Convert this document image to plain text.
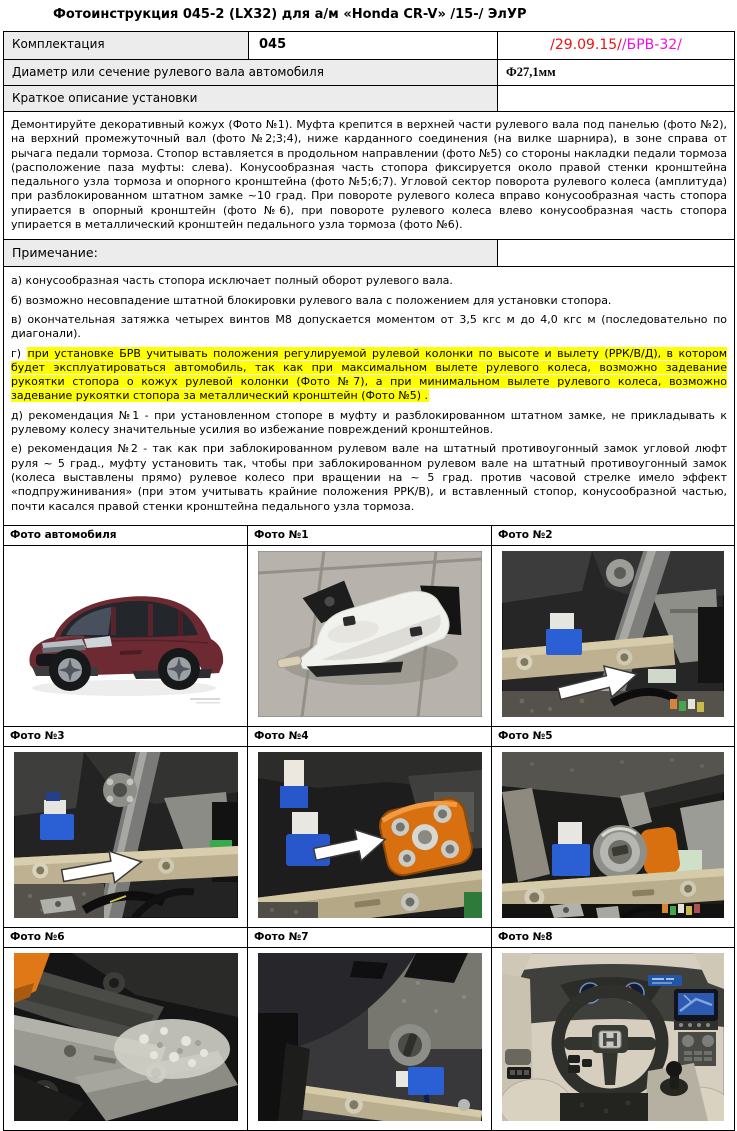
Фотоинструкция 045-2 (LX32) для а/м «Honda CR-V» /15-/ ЭлУР
Комплектация	045	/29.09.15//БРВ-32/
Диаметр или сечение рулевого вала автомобиля		Ф27,1мм
Краткое описание установки		
Демонтируйте декоративный кожух (Фото №1). Муфта крепится в верхней части рулевого вала под панелью (фото №2), на верхний промежуточный вал (фото №2;3;4), ниже карданного соединения (на вилке шарнира), в зоне справа от рычага педали тормоза. Стопор вставляется в продольном направлении (фото №5) со стороны накладки педали тормоза (расположение паза муфты: слева). Конусообразная часть стопора фиксируется около правой стенки кронштейна педального узла тормоза и опорного кронштейна (фото №5;6;7). Угловой сектор поворота рулевого колеса (амплитуда) при разблокированном штатном замке ~10 град. При повороте рулевого колеса вправо конусообразная часть стопора упирается в опорный кронштейн (фото №6), при повороте рулевого колеса влево конусообразная часть стопора упирается в металлический кронштейн педального узла тормоза (фото №6).		
Примечание:		

а) конусообразная часть стопора исключает полный оборот рулевого вала.

б) возможно несовпадение штатной блокировки рулевого вала с положением для установки стопора.

в) окончательная затяжка четырех винтов М8 допускается моментом от 3,5 кгс м до 4,0 кгс м (последовательно по диагонали).

г) при установке БРВ учитывать положения регулируемой рулевой колонки по высоте и вылету (РРК/В/Д), в котором будет эксплуатироваться автомобиль, так как при максимальном вылете рулевого колеса, возможно задевание рукоятки стопора о кожух рулевой колонки (Фото №7), а при минимальном вылете рулевого колеса, возможно задевание рукоятки стопора за металлический кронштейн (Фото №5) .

д) рекомендация №1 - при установленном стопоре в муфту и разблокированном штатном замке, не прикладывать к рулевому колесу значительные усилия во избежание повреждений кронштейнов.

е) рекомендация №2 - так как при заблокированном рулевом вале на штатный противоугонный замок угловой люфт руля ~ 5 град., муфту установить так, чтобы при заблокированном рулевом вале на штатный противоугонный замок (колеса выставлены прямо) рулевое колесо при вращении на ~ 5 град. против часовой стрелке имело эффект «подпружинивания» (при этом учитывать крайние положения РРК/В), и вставленный стопор, конусообразной частью, почти касался правой стенки кронштейна педального узла тормоза.

Фото автомобиля	Фото №1	Фото №2

Фото №3	Фото №4	Фото №5

Фото №6	Фото №7	Фото №8
